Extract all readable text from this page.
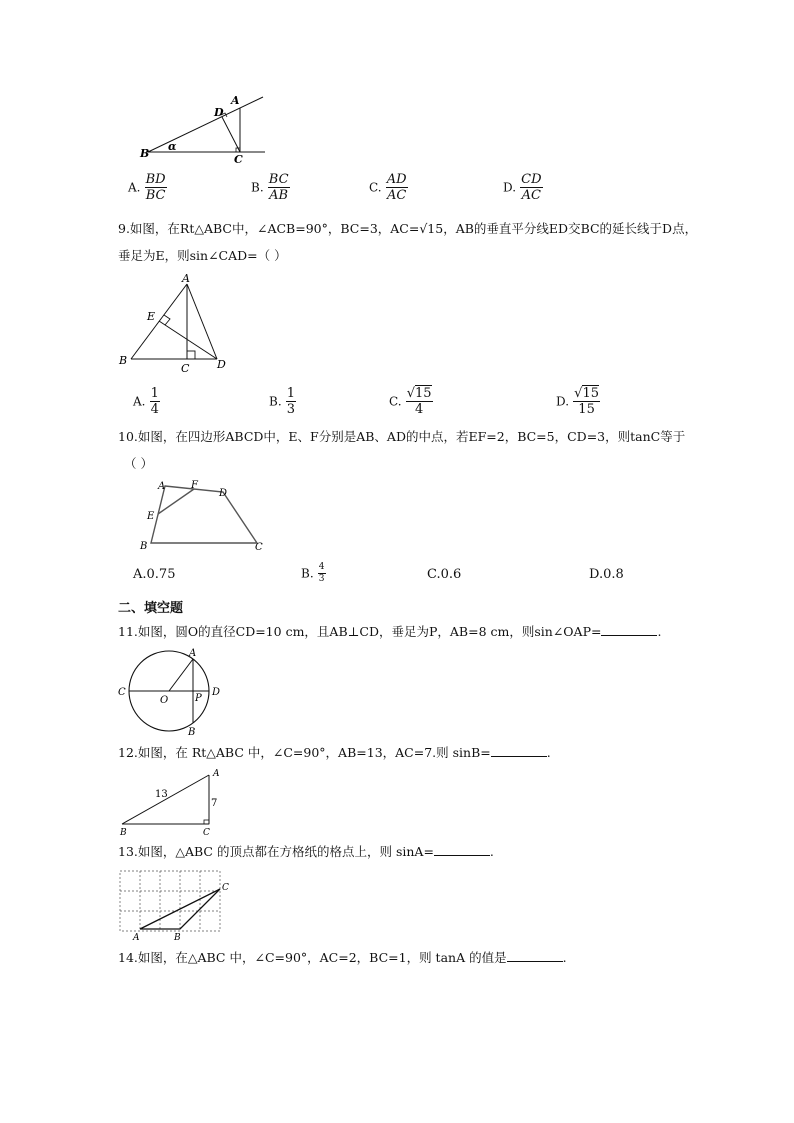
A
D
B	C
α
A. $\frac{BD}{BC}$	B. $\frac{BC}{AB}$	C. $\frac{AD}{AC}$	D. $\frac{CD}{AC}$
9.如图，在Rt△ABC中，∠ACB=90°，BC=3，AC=√15，AB的垂直平分线ED交BC的延长线于D点，
垂足为E，则sin∠CAD=（ ）
A
E
B
C	D
A. $\frac{1}{4}$	B. $\frac{1}{3}$	C. $\frac{√15}{4}$	D. $\frac{√15}{15}$
10.如图，在四边形ABCD中，E、F分别是AB、AD的中点，若EF=2，BC=5，CD=3，则tanC等于
（ ）
A	F
D
E
B	C
A.0.75	B. $\frac{4}{3}$	C.0.6	D.0.8
二、填空题
11.如图，圆O的直径CD=10 cm，且AB⊥CD，垂足为P，AB=8 cm，则sin∠OAP=	.
A
C
O	P
D
B
12.如图，在 Rt△ABC 中，∠C=90°，AB=13，AC=7.则 sinB=	.
A
B	C
13
7
13.如图，△ABC 的顶点都在方格纸的格点上，则 sinA=	.
A	B
C
14.如图，在△ABC 中，∠C=90°，AC=2，BC=1，则 tanA 的值是	.
